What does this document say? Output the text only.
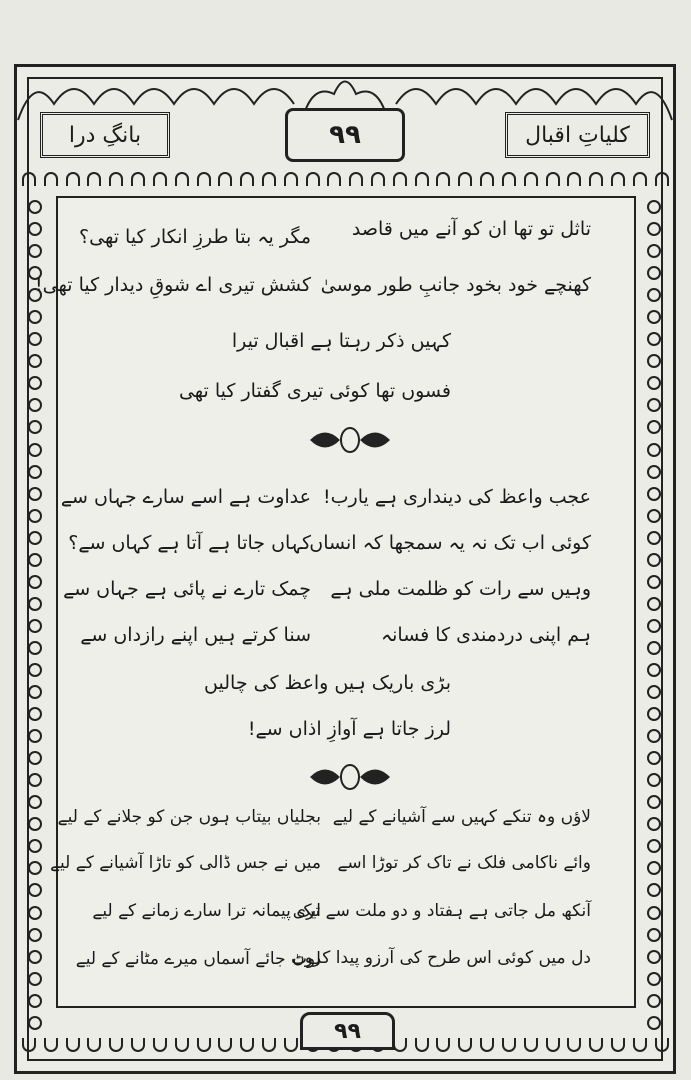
کلیاتِ اقبال
بانگِ درا	۹۹
تاثل تو تھا ان کو آنے میں قاصد
مگر یہ بتا طرزِ انکار کیا تھی؟
کھنچے خود بخود جانبِ طور موسیٰ
کشش تیری اے شوقِ دیدار کیا تھی!
کہیں ذکر رہتا ہے اقبال تیرا
فسوں تھا کوئی تیری گفتار کیا تھی
عجب واعظ کی دینداری ہے یارب!
عداوت ہے اسے سارے جہاں سے
کوئی اب تک نہ یہ سمجھا کہ انساں
کہاں جاتا ہے آتا ہے کہاں سے؟
وہیں سے رات کو ظلمت ملی ہے
چمک تارے نے پائی ہے جہاں سے
ہم اپنی دردمندی کا فسانہ
سنا کرتے ہیں اپنے رازداں سے
بڑی باریک ہیں واعظ کی چالیں
لرز جاتا ہے آوازِ اذاں سے!
لاؤں وہ تنکے کہیں سے آشیانے کے لیے
بجلیاں بیتاب ہوں جن کو جلانے کے لیے
وائے ناکامی فلک نے تاک کر توڑا اسے
میں نے جس ڈالی کو تاڑا آشیانے کے لیے
آنکھ مل جاتی ہے ہفتاد و دو ملت سے تری
ایک پیمانہ ترا سارے زمانے کے لیے
دل میں کوئی اس طرح کی آرزو پیدا کروں
لوٹ جائے آسماں میرے مٹانے کے لیے
۹۹
